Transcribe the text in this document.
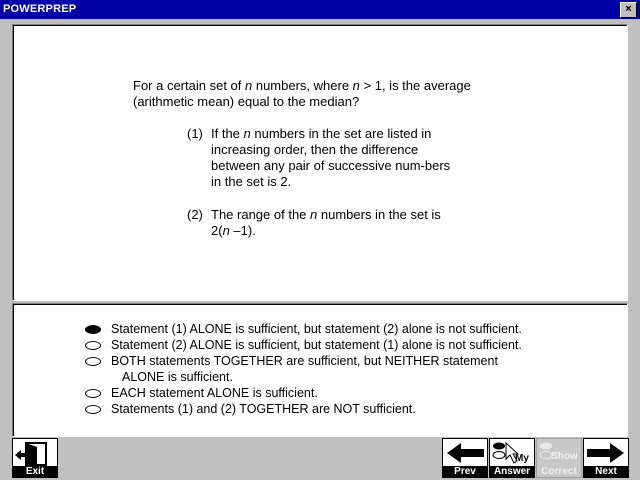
POWERPREP	×
For a certain set of n numbers, where n > 1, is the average (arithmetic mean) equal to the median?
(1) If the n numbers in the set are listed in increasing order, then the difference between any pair of successive num-bers in the set is 2.
(2) The range of the n numbers in the set is 2(n –1).
Statement (1) ALONE is sufficient, but statement (2) alone is not sufficient.
Statement (2) ALONE is sufficient, but statement (1) alone is not sufficient.
BOTH statements TOGETHER are sufficient, but NEITHER statement
ALONE is sufficient.
EACH statement ALONE is sufficient.
Statements (1) and (2) TOGETHER are NOT sufficient.
Exit	Prev
My
Answer
Show
Correct	Next
